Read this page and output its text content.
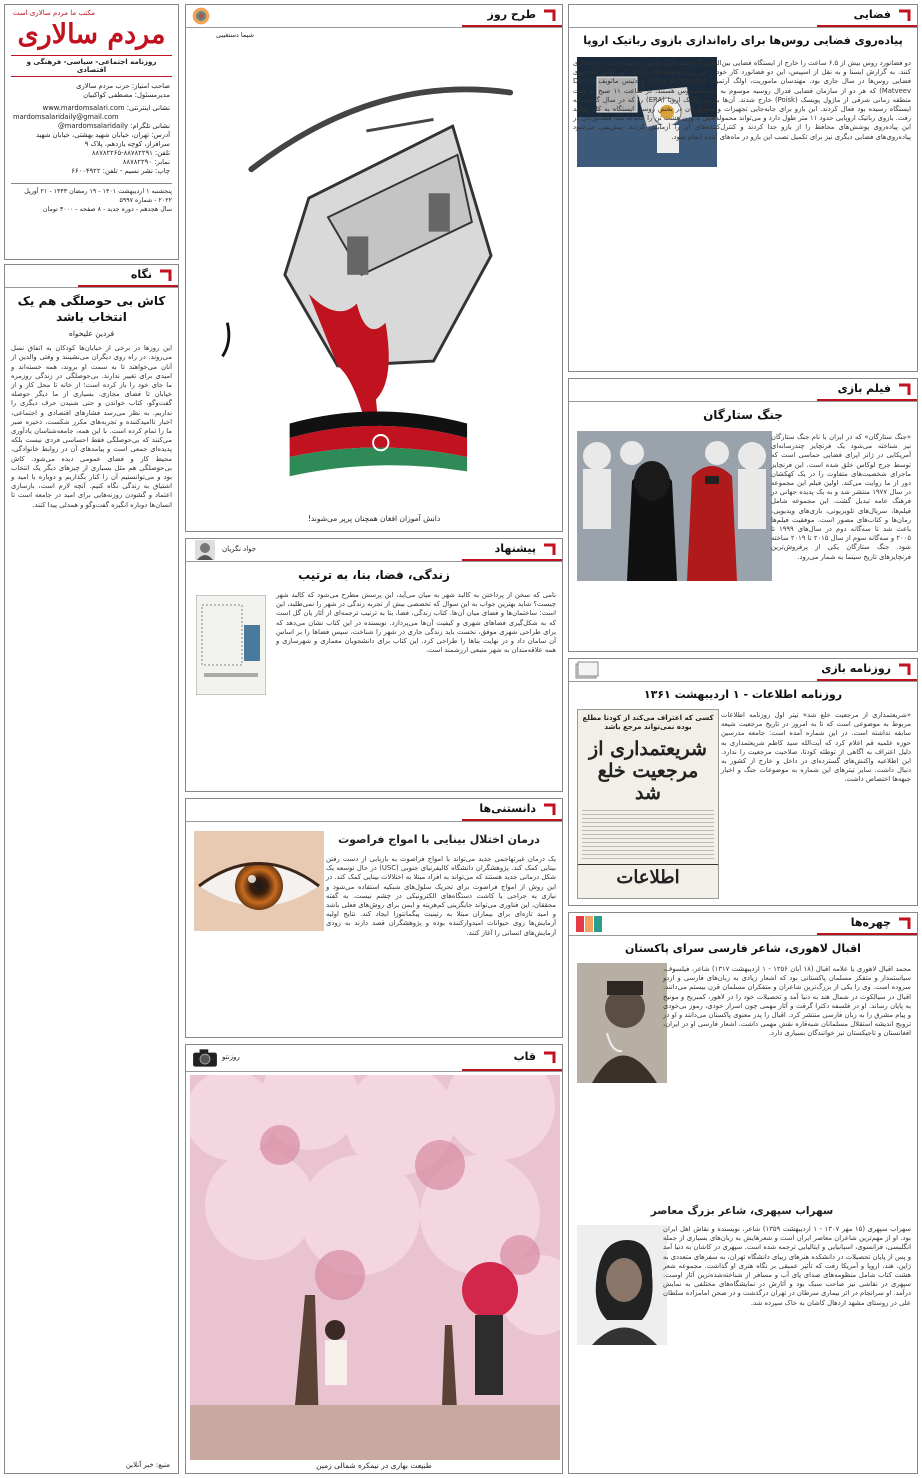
مکتب ما مردم سالاری است
مردم سالاری
روزنامه اجتماعی- سیاسی- فرهنگی و اقتصادی
صاحب امتیاز: حزب مردم سالاری
مدیرمسئول: مصطفی کواکبیان
نشانی اینترنتی: www.mardomsalari.com
mardomsalaridaily@gmail.com
نشانی تلگرام: mardomsalaridaily@
آدرس: تهران، خیابان شهید بهشتی، خیابان شهید سرافراز، کوچه یازدهم، پلاک ۹
تلفن: ۸۸۷۸۲۲۹۱-۸۸۷۸۲۲۶۵
نمابر: ۸۸۷۸۲۲۹۰
چاپ: نشر نسیم - تلفن: ۶۶۰۰۴۹۲۲
پنجشنبه ۱ اردیبهشت ۱۴۰۱ - ۱۹ رمضان ۱۴۴۳ - ۲۱ آوریل ۲۰۲۲ - شماره ۵۹۹۷
سال هجدهم - دوره جدید - ۸ صفحه - ۳۰۰۰ تومان
نگاه
کاش بی حوصلگی هم یک انتخاب باشد
فردین علیخواه
این روزها در برخی از خیابان‌ها کودکان به اتفاق نسل می‌روند. در راه روی دیگران می‌نشینند و وقتی والدین از آنان می‌خواهند تا به سمت او بروند، همه خسته‌اند و امیدی برای تغییر ندارند. بی‌حوصلگی در زندگی روزمره ما جای خود را باز کرده است؛ از خانه تا محل کار و از خیابان تا فضای مجازی. بسیاری از ما دیگر حوصله گفت‌وگو، کتاب خواندن و حتی شنیدن حرف دیگری را نداریم. به نظر می‌رسد فشارهای اقتصادی و اجتماعی، اخبار ناامیدکننده و تجربه‌های مکرر شکست، ذخیره صبر ما را تمام کرده است. با این همه، جامعه‌شناسان یادآوری می‌کنند که بی‌حوصلگی فقط احساسی فردی نیست بلکه پدیده‌ای جمعی است و پیامدهای آن در روابط خانوادگی، محیط کار و فضای عمومی دیده می‌شود. کاش بی‌حوصلگی هم مثل بسیاری از چیزهای دیگر یک انتخاب بود و می‌توانستیم آن را کنار بگذاریم و دوباره با امید و اشتیاق به زندگی نگاه کنیم. آنچه لازم است، بازسازی اعتماد و گشودن روزنه‌هایی برای امید در جامعه است تا انسان‌ها دوباره انگیزه گفت‌وگو و همدلی پیدا کنند.
منبع: خبر آنلاین
طرح روز
شیما دستغیبی
دانش آموزان افغان همچنان پرپر می‌شوند!
پیشنهاد
جواد نگریان
زندگی، فضا، بنا، به ترتیب
نامی که سخن از پرداختن به کالبد شهر به میان می‌آید، این پرسش مطرح می‌شود که کالبد شهر چیست؟ شاید بهترین جواب به این سوال که تخصصی بیش از تجربه زندگی در شهر را نمی‌طلبد، این است: ساختمان‌ها و فضای میان آن‌ها. کتاب زندگی، فضا، بنا به ترتیب ترجمه‌ای از آثار یان گل است که به شکل‌گیری فضاهای شهری و کیفیت آن‌ها می‌پردازد. نویسنده در این کتاب نشان می‌دهد که برای طراحی شهری موفق، نخست باید زندگی جاری در شهر را شناخت، سپس فضاها را بر اساس آن سامان داد و در نهایت بناها را طراحی کرد. این کتاب برای دانشجویان معماری و شهرسازی و همه علاقه‌مندان به شهر منبعی ارزشمند است.
دانستنی‌ها
درمان اختلال بینایی با امواج فراصوت
یک درمان غیرتهاجمی جدید می‌تواند با امواج فراصوت به بازیابی از دست رفتن بینایی کمک کند. پژوهشگران دانشگاه کالیفرنیای جنوبی (USC) در حال توسعه یک شکل درمانی جدید هستند که می‌تواند به افراد مبتلا به اختلالات بینایی کمک کند. در این روش از امواج فراصوت برای تحریک سلول‌های شبکیه استفاده می‌شود و نیازی به جراحی یا کاشت دستگاه‌های الکترونیکی در چشم نیست. به گفته محققان، این فناوری می‌تواند جایگزینی کم‌هزینه و ایمن برای روش‌های فعلی باشد و امید تازه‌ای برای بیماران مبتلا به رتینیت پیگمانتوزا ایجاد کند. نتایج اولیه آزمایش‌ها روی حیوانات امیدوارکننده بوده و پژوهشگران قصد دارند به زودی آزمایش‌های انسانی را آغاز کنند.
قاب
روزنتو
طبیعت بهاری در نیمکره شمالی زمین
فضایی
پیاده‌روی فضایی روس‌ها برای راه‌اندازی بازوی رباتیک اروپا
دو فضانورد روس بیش از ۶.۵ ساعت را خارج از ایستگاه فضایی بین‌المللی گذراندند تا یک بازوی رباتیک جدید را راه‌اندازی کنند. به گزارش ایسنا و به نقل از اسپیس، این دو فضانورد کار خود را در روز دوشنبه آغاز کردند. این اولین پیاده‌روی فضایی روس‌ها در سال جاری بود. مهندسان ماموریت، اولگ آرتمیف (Oleg Artemyev) و دنیس ماتویف (Denis Matveev) که هر دو از سازمان فضایی فدرال روسیه موسوم به روسکاسموس هستند، در ساعت ۱۱ صبح به وقت منطقه زمانی شرقی از ماژول پویسک (Poisk) خارج شدند. آن‌ها بازوی رباتیک اروپا (ERA) را که در سال گذشته به ایستگاه رسیده بود فعال کردند. این بازو برای جابه‌جایی تجهیزات و فضانوردان در بخش روسی ایستگاه به کار خواهد رفت. بازوی رباتیک اروپایی حدود ۱۱ متر طول دارد و می‌تواند محموله‌هایی تا وزن هشت تن را جابه‌جا کند. فضانوردان در این پیاده‌روی پوشش‌های محافظ را از بازو جدا کردند و کنترل‌کننده‌های آن را آزمایش کردند. پیش‌بینی می‌شود پیاده‌روی‌های فضایی دیگری نیز برای تکمیل نصب این بازو در ماه‌های آینده انجام شود.
فیلم بازی
جنگ ستارگان
«جنگ ستارگان» که در ایران با نام جنگ ستارگان نیز شناخته می‌شود یک فرنچایز چندرسانه‌ای آمریکایی در ژانر اپرای فضایی حماسی است که توسط جرج لوکاس خلق شده است. این فرنچایز ماجرای شخصیت‌های متفاوت را در یک کهکشان دور از ما روایت می‌کند. اولین فیلم این مجموعه در سال ۱۹۷۷ منتشر شد و به یک پدیده جهانی در فرهنگ عامه تبدیل گشت. این مجموعه شامل فیلم‌ها، سریال‌های تلویزیونی، بازی‌های ویدیویی، رمان‌ها و کتاب‌های مصور است. موفقیت فیلم‌ها باعث شد تا سه‌گانه دوم در سال‌های ۱۹۹۹ تا ۲۰۰۵ و سه‌گانه سوم از سال ۲۰۱۵ تا ۲۰۱۹ ساخته شود. جنگ ستارگان یکی از پرفروش‌ترین فرنچایزهای تاریخ سینما به شمار می‌رود.
روزنامه بازی
روزنامه اطلاعات - ۱ اردیبهشت ۱۳۶۱
کسی که اعتراف می‌کند از کودتا مطلع بوده نمی‌تواند مرجع باشد
شریعتمداری از مرجعیت خلع شد
اطلاعات
«شریعتمداری از مرجعیت خلع شد» تیتر اول روزنامه اطلاعات مربوط به موضوعی است که تا به امروز در تاریخ مرجعیت شیعه سابقه نداشته است. در این شماره آمده است: جامعه مدرسین حوزه علمیه قم اعلام کرد که آیت‌الله سید کاظم شریعتمداری به دلیل اعتراف به آگاهی از توطئه کودتا، صلاحیت مرجعیت را ندارد. این اطلاعیه واکنش‌های گسترده‌ای در داخل و خارج از کشور به دنبال داشت. سایر تیترهای این شماره به موضوعات جنگ و اخبار جبهه‌ها اختصاص داشت.
چهره‌ها
اقبال لاهوری، شاعر فارسی سرای پاکستان
محمد اقبال لاهوری یا علامه اقبال (۱۸ آبان ۱۲۵۶ - ۱ اردیبهشت ۱۳۱۷) شاعر، فیلسوف، سیاستمدار و متفکر مسلمان پاکستانی بود که اشعار زیادی به زبان‌های فارسی و اردو سروده است. وی را یکی از بزرگ‌ترین شاعران و متفکران مسلمان قرن بیستم می‌دانند. اقبال در سیالکوت در شمال هند به دنیا آمد و تحصیلات خود را در لاهور، کمبریج و مونیخ به پایان رساند. او در فلسفه دکترا گرفت و آثار مهمی چون اسرار خودی، رموز بی‌خودی و پیام مشرق را به زبان فارسی منتشر کرد. اقبال را پدر معنوی پاکستان می‌دانند و او در ترویج اندیشه استقلال مسلمانان شبه‌قاره نقش مهمی داشت. اشعار فارسی او در ایران، افغانستان و تاجیکستان نیز خوانندگان بسیاری دارد.
سهراب سپهری، شاعر بزرگ معاصر
سهراب سپهری (۱۵ مهر ۱۳۰۷ - ۱ اردیبهشت ۱۳۵۹) شاعر، نویسنده و نقاش اهل ایران بود. او از مهم‌ترین شاعران معاصر ایران است و شعرهایش به زبان‌های بسیاری از جمله انگلیسی، فرانسوی، اسپانیایی و ایتالیایی ترجمه شده است. سپهری در کاشان به دنیا آمد و پس از پایان تحصیلات در دانشکده هنرهای زیبای دانشگاه تهران، به سفرهای متعددی به ژاپن، هند، اروپا و آمریکا رفت که تأثیر عمیقی بر نگاه هنری او گذاشت. مجموعه شعر هشت کتاب شامل منظومه‌های صدای پای آب و مسافر از شناخته‌شده‌ترین آثار اوست. سپهری در نقاشی نیز صاحب سبک بود و آثارش در نمایشگاه‌های مختلفی به نمایش درآمد. او سرانجام در اثر بیماری سرطان در تهران درگذشت و در صحن امامزاده سلطان علی در روستای مشهد اردهال کاشان به خاک سپرده شد.
